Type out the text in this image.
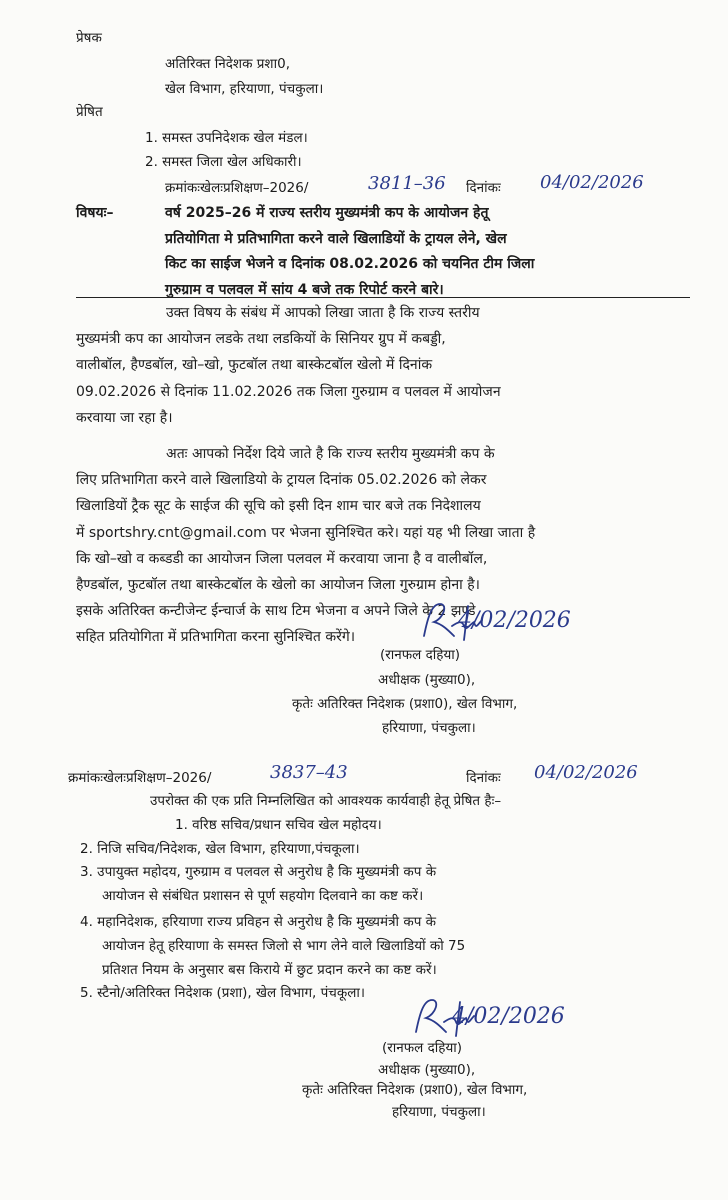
प्रेषक
अतिरिक्त निदेशक प्रशा0,
खेल विभाग, हरियाणा, पंचकुला।
प्रेषित
1. समस्त उपनिदेशक खेल मंडल।
2. समस्त जिला खेल अधिकारी।
क्रमांकःखेलःप्रशिक्षण–2026/	3811–36 दिनांकः 04/02/2026
विषयः–	वर्ष 2025–26 में राज्य स्तरीय मुख्यमंत्री कप के आयोजन हेतू
प्रतियोगिता मे प्रतिभागिता करने वाले खिलाडियों के ट्रायल लेने, खेल
किट का साईज भेजने व दिनांक 08.02.2026 को चयनित टीम जिला
गुरुग्राम व पलवल में सांय 4 बजे तक रिपोर्ट करने बारे।
उक्त विषय के संबंध में आपको लिखा जाता है कि राज्य स्तरीय
मुख्यमंत्री कप का आयोजन लडके तथा लडकियों के सिनियर ग्रुप में कबड्डी,
वालीबॉल, हैण्डबॉल, खो–खो, फुटबॉल तथा बास्केटबॉल खेलो में दिनांक
09.02.2026 से दिनांक 11.02.2026 तक जिला गुरुग्राम व पलवल में आयोजन
करवाया जा रहा है।
अतः आपको निर्देश दिये जाते है कि राज्य स्तरीय मुख्यमंत्री कप के
लिए प्रतिभागिता करने वाले खिलाडियो के ट्रायल दिनांक 05.02.2026 को लेकर
खिलाडियों ट्रैक सूट के साईज की सूचि को इसी दिन शाम चार बजे तक निदेशालय
में sportshry.cnt@gmail.com पर भेजना सुनिश्चित करे। यहां यह भी लिखा जाता है
कि खो–खो व कब्डडी का आयोजन जिला पलवल में करवाया जाना है व वालीबॉल,
हैण्डबॉल, फुटबॉल तथा बास्केटबॉल के खेलो का आयोजन जिला गुरुग्राम होना है।
इसके अतिरिक्त कन्टीजेन्ट ईन्चार्ज के साथ टिम भेजना व अपने जिले के 2 झण्डे
सहित प्रतियोगिता में प्रतिभागिता करना सुनिश्चित करेंगे।
4/02/2026
(रानफल दहिया)
अधीक्षक (मुख्या0),
कृतेः अतिरिक्त निदेशक (प्रशा0), खेल विभाग,
हरियाणा, पंचकुला।
क्रमांकःखेलःप्रशिक्षण–2026/	3837–43	दिनांकः 04/02/2026
उपरोक्त की एक प्रति निम्नलिखित को आवश्यक कार्यवाही हेतू प्रेषित हैः–
1. वरिष्ठ सचिव/प्रधान सचिव खेल महोदय।
2. निजि सचिव/निदेशक, खेल विभाग, हरियाणा,पंचकूला।
3. उपायुक्त महोदय, गुरुग्राम व पलवल से अनुरोध है कि मुख्यमंत्री कप के
आयोजन से संबंधित प्रशासन से पूर्ण सहयोग दिलवाने का कष्ट करें।
4. महानिदेशक, हरियाणा राज्य प्रविहन से अनुरोध है कि मुख्यमंत्री कप के
आयोजन हेतू हरियाणा के समस्त जिलो से भाग लेने वाले खिलाडियों को 75
प्रतिशत नियम के अनुसार बस किराये में छुट प्रदान करने का कष्ट करें।
5. स्टैनो/अतिरिक्त निदेशक (प्रशा), खेल विभाग, पंचकूला।
4/02/2026
(रानफल दहिया)
अधीक्षक (मुख्या0),
कृतेः अतिरिक्त निदेशक (प्रशा0), खेल विभाग,
हरियाणा, पंचकुला।
